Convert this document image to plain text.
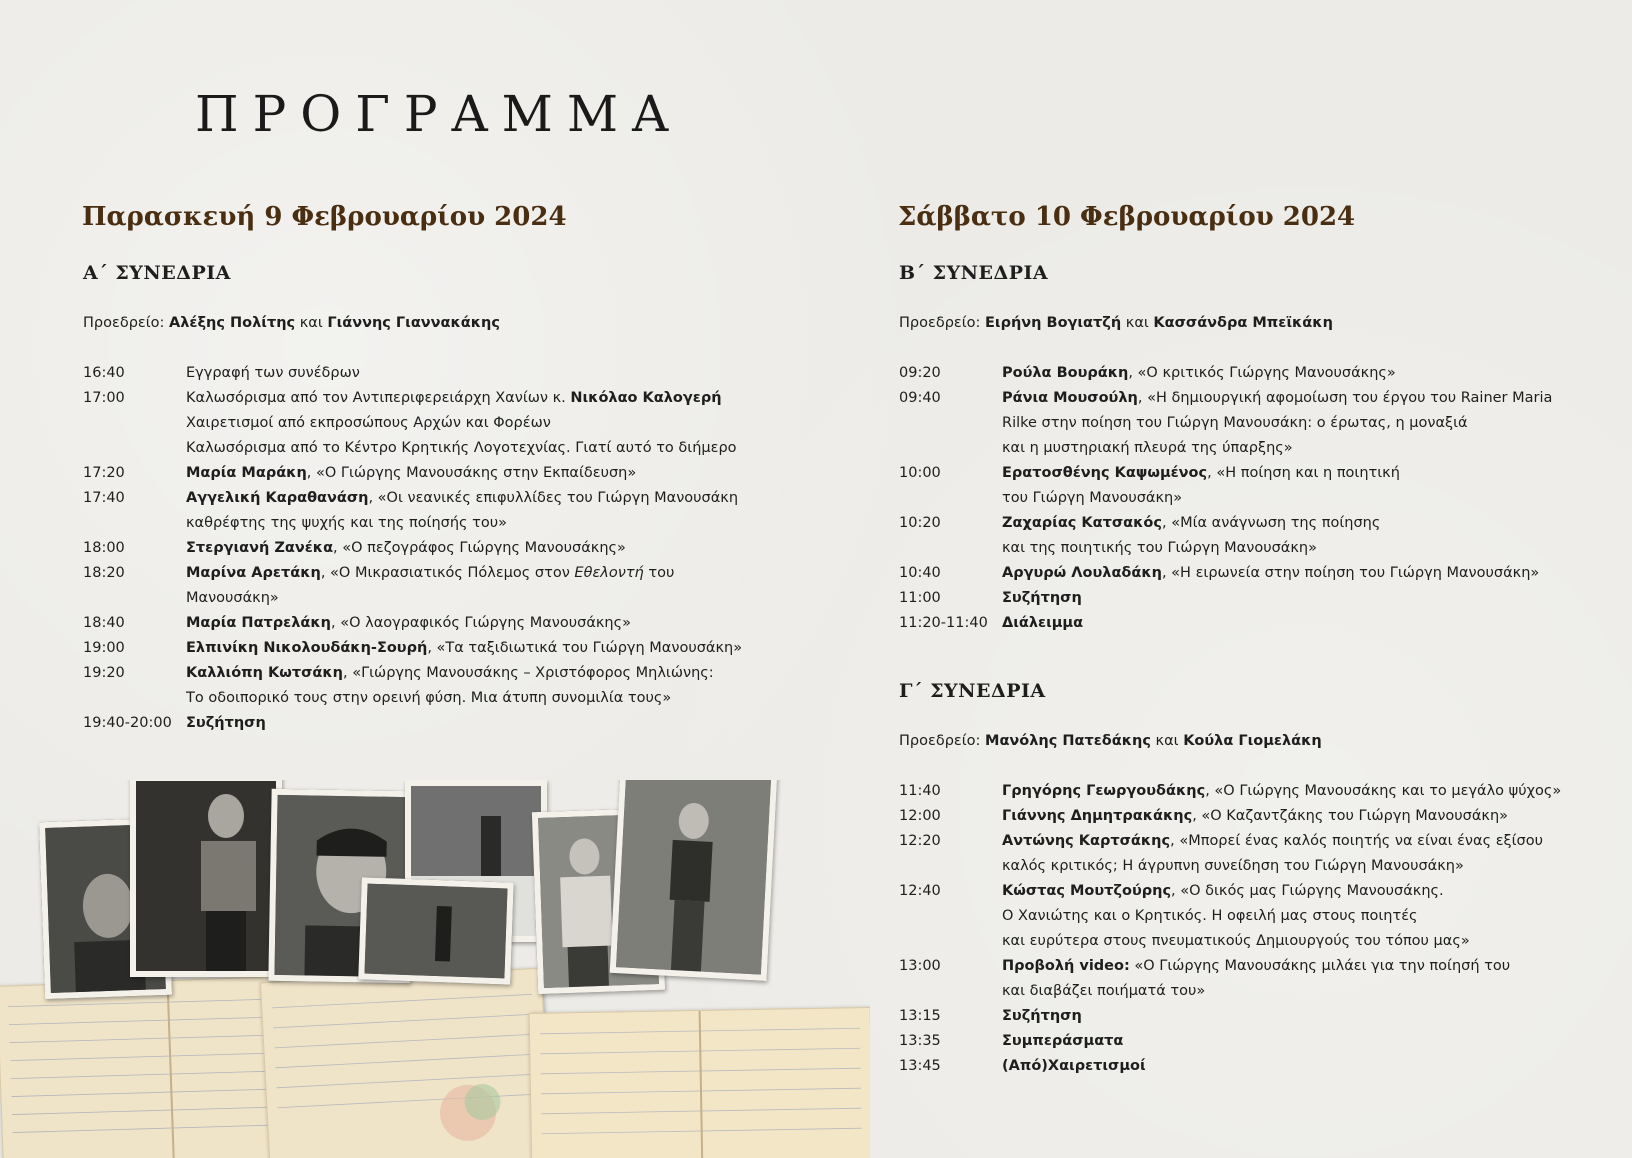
ΠΡΟΓΡΑΜΜΑ
Παρασκευή 9 Φεβρουαρίου 2024
Α΄ ΣΥΝΕΔΡΙΑ
Προεδρείο: Αλέξης Πολίτης και Γιάννης Γιαννακάκης
16:40	Εγγραφή των συνέδρων
17:00	Καλωσόρισμα από τον Αντιπεριφερειάρχη Χανίων κ. Νικόλαο Καλογερή
Χαιρετισμοί από εκπροσώπους Αρχών και Φορέων
Καλωσόρισμα από το Κέντρο Κρητικής Λογοτεχνίας. Γιατί αυτό το διήμερο
17:20	Μαρία Μαράκη, «Ο Γιώργης Μανουσάκης στην Εκπαίδευση»
17:40	Αγγελική Καραθανάση, «Οι νεανικές επιφυλλίδες του Γιώργη Μανουσάκη
καθρέφτης της ψυχής και της ποίησής του»
18:00	Στεργιανή Ζανέκα, «Ο πεζογράφος Γιώργης Μανουσάκης»
18:20	Μαρίνα Αρετάκη, «Ο Μικρασιατικός Πόλεμος στον Εθελοντή του
Μανουσάκη»
18:40	Μαρία Πατρελάκη, «Ο λαογραφικός Γιώργης Μανουσάκης»
19:00	Ελπινίκη Νικολουδάκη-Σουρή, «Τα ταξιδιωτικά του Γιώργη Μανουσάκη»
19:20	Καλλιόπη Κωτσάκη, «Γιώργης Μανουσάκης – Χριστόφορος Μηλιώνης:
Το οδοιπορικό τους στην ορεινή φύση. Μια άτυπη συνομιλία τους»
19:40-20:00 Συζήτηση
Σάββατο 10 Φεβρουαρίου 2024
Β΄ ΣΥΝΕΔΡΙΑ
Προεδρείο: Ειρήνη Βογιατζή και Κασσάνδρα Μπεϊκάκη
09:20	Ρούλα Βουράκη, «Ο κριτικός Γιώργης Μανουσάκης»
09:40	Ράνια Μουσούλη, «Η δημιουργική αφομοίωση του έργου του Rainer Maria
Rilke στην ποίηση του Γιώργη Μανουσάκη: ο έρωτας, η μοναξιά
και η μυστηριακή πλευρά της ύπαρξης»
10:00	Ερατοσθένης Καψωμένος, «Η ποίηση και η ποιητική
του Γιώργη Μανουσάκη»
10:20	Ζαχαρίας Κατσακός, «Μία ανάγνωση της ποίησης
και της ποιητικής του Γιώργη Μανουσάκη»
10:40	Αργυρώ Λουλαδάκη, «Η ειρωνεία στην ποίηση του Γιώργη Μανουσάκη»
11:00	Συζήτηση
11:20-11:40 Διάλειμμα
Γ΄ ΣΥΝΕΔΡΙΑ
Προεδρείο: Μανόλης Πατεδάκης και Κούλα Γιομελάκη
11:40	Γρηγόρης Γεωργουδάκης, «Ο Γιώργης Μανουσάκης και το μεγάλο ψύχος»
12:00	Γιάννης Δημητρακάκης, «Ο Καζαντζάκης του Γιώργη Μανουσάκη»
12:20	Αντώνης Καρτσάκης, «Μπορεί ένας καλός ποιητής να είναι ένας εξίσου
καλός κριτικός; Η άγρυπνη συνείδηση του Γιώργη Μανουσάκη»
12:40	Κώστας Μουτζούρης, «Ο δικός μας Γιώργης Μανουσάκης.
Ο Χανιώτης και ο Κρητικός. Η οφειλή μας στους ποιητές
και ευρύτερα στους πνευματικούς Δημιουργούς του τόπου μας»
13:00	Προβολή video: «Ο Γιώργης Μανουσάκης μιλάει για την ποίησή του
και διαβάζει ποιήματά του»
13:15	Συζήτηση
13:35	Συμπεράσματα
13:45	(Από)Χαιρετισμοί
